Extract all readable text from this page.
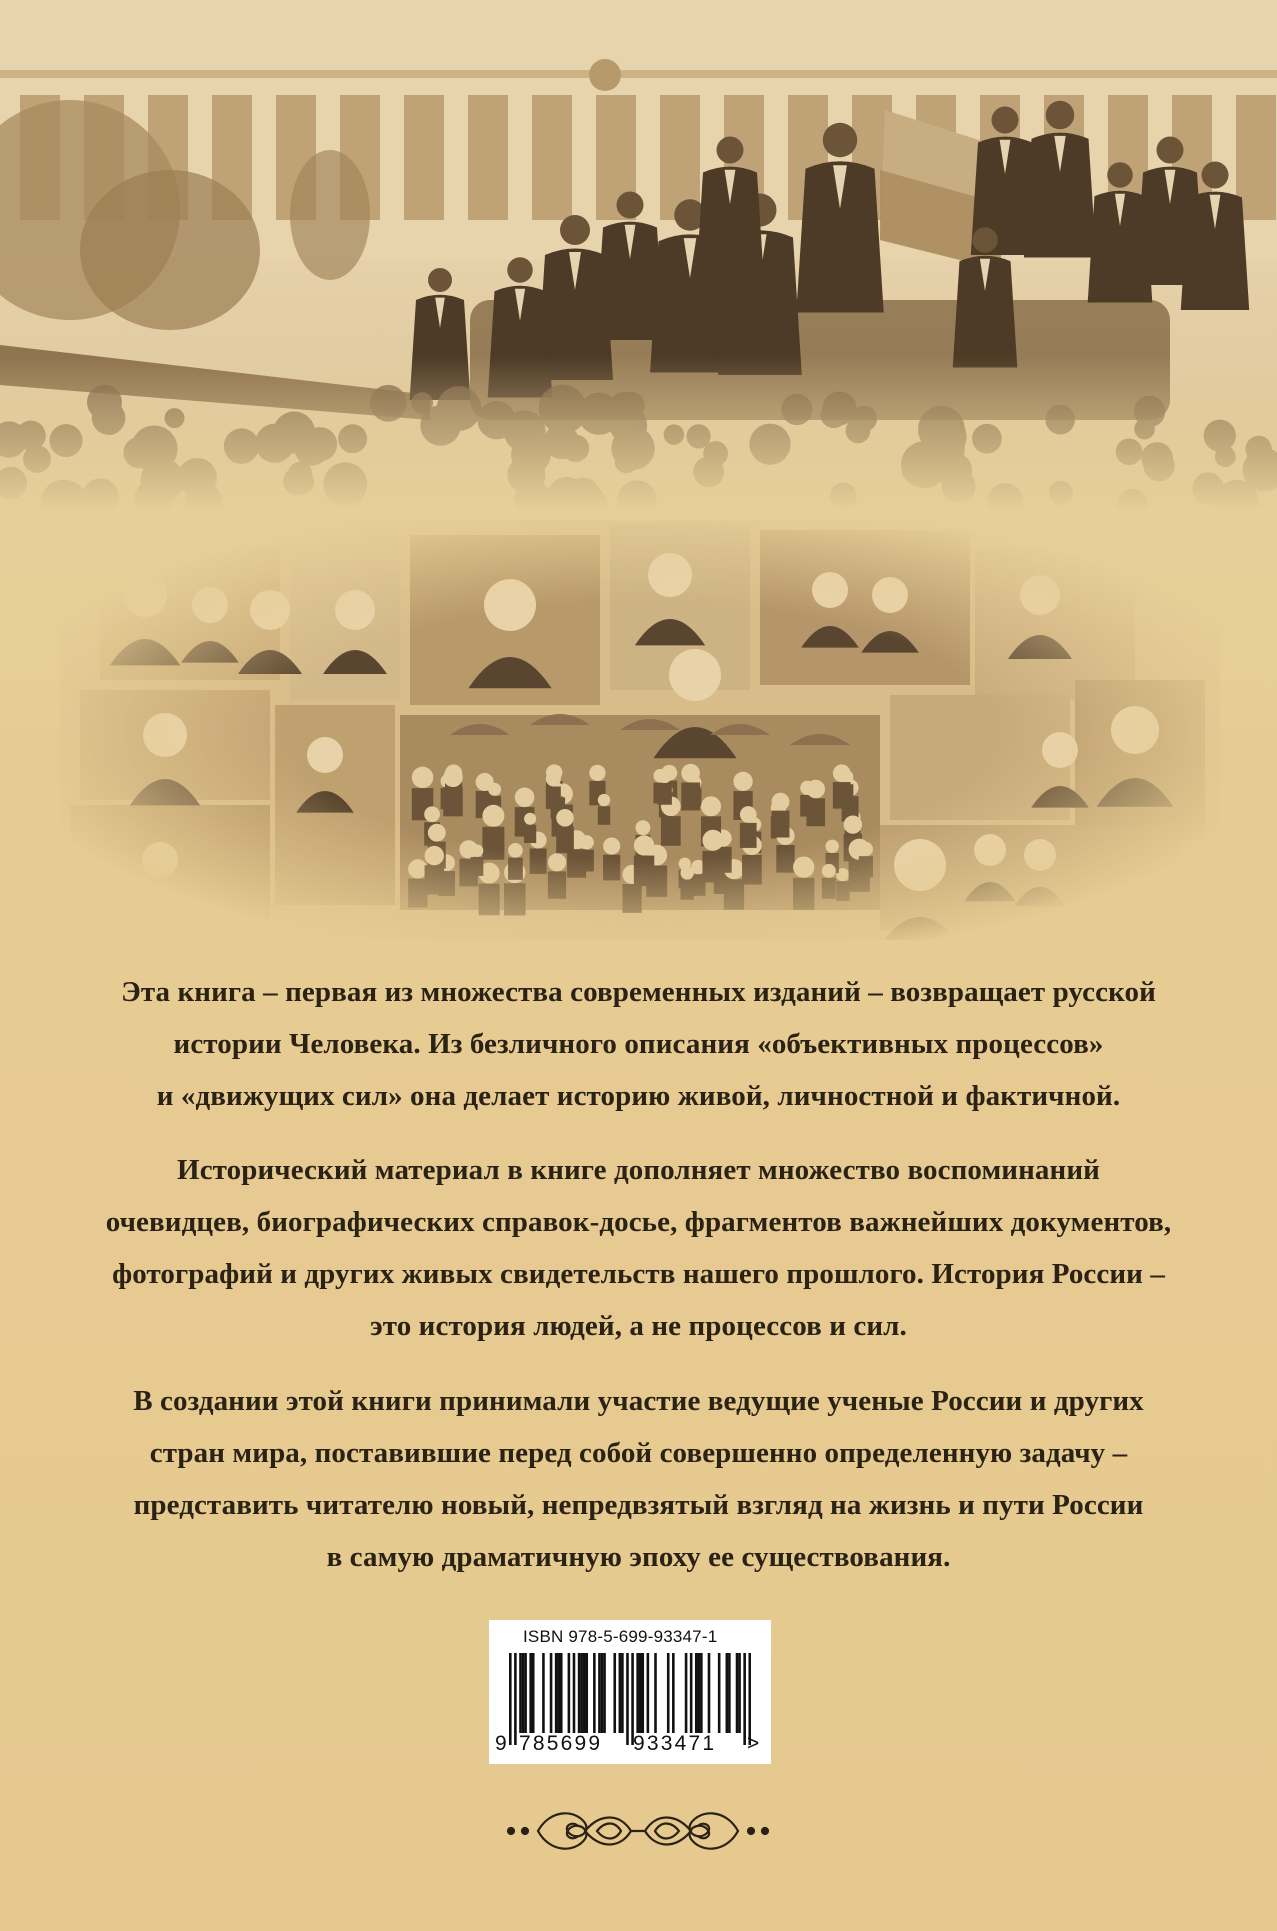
Эта книга – первая из множества современных изданий – возвращает русской
истории Человека. Из безличного описания «объективных процессов»
и «движущих сил» она делает историю живой, личностной и фактичной.

Исторический материал в книге дополняет множество воспоминаний
очевидцев, биографических справок-досье, фрагментов важнейших документов,
фотографий и других живых свидетельств нашего прошлого. История России –
это история людей, а не процессов и сил.

В создании этой книги принимали участие ведущие ученые России и других
стран мира, поставившие перед собой совершенно определенную задачу –
представить читателю новый, непредвзятый взгляд на жизнь и пути России
в самую драматичную эпоху ее существования.

ISBN 978-5-699-93347-1
9 785699 933471 >
